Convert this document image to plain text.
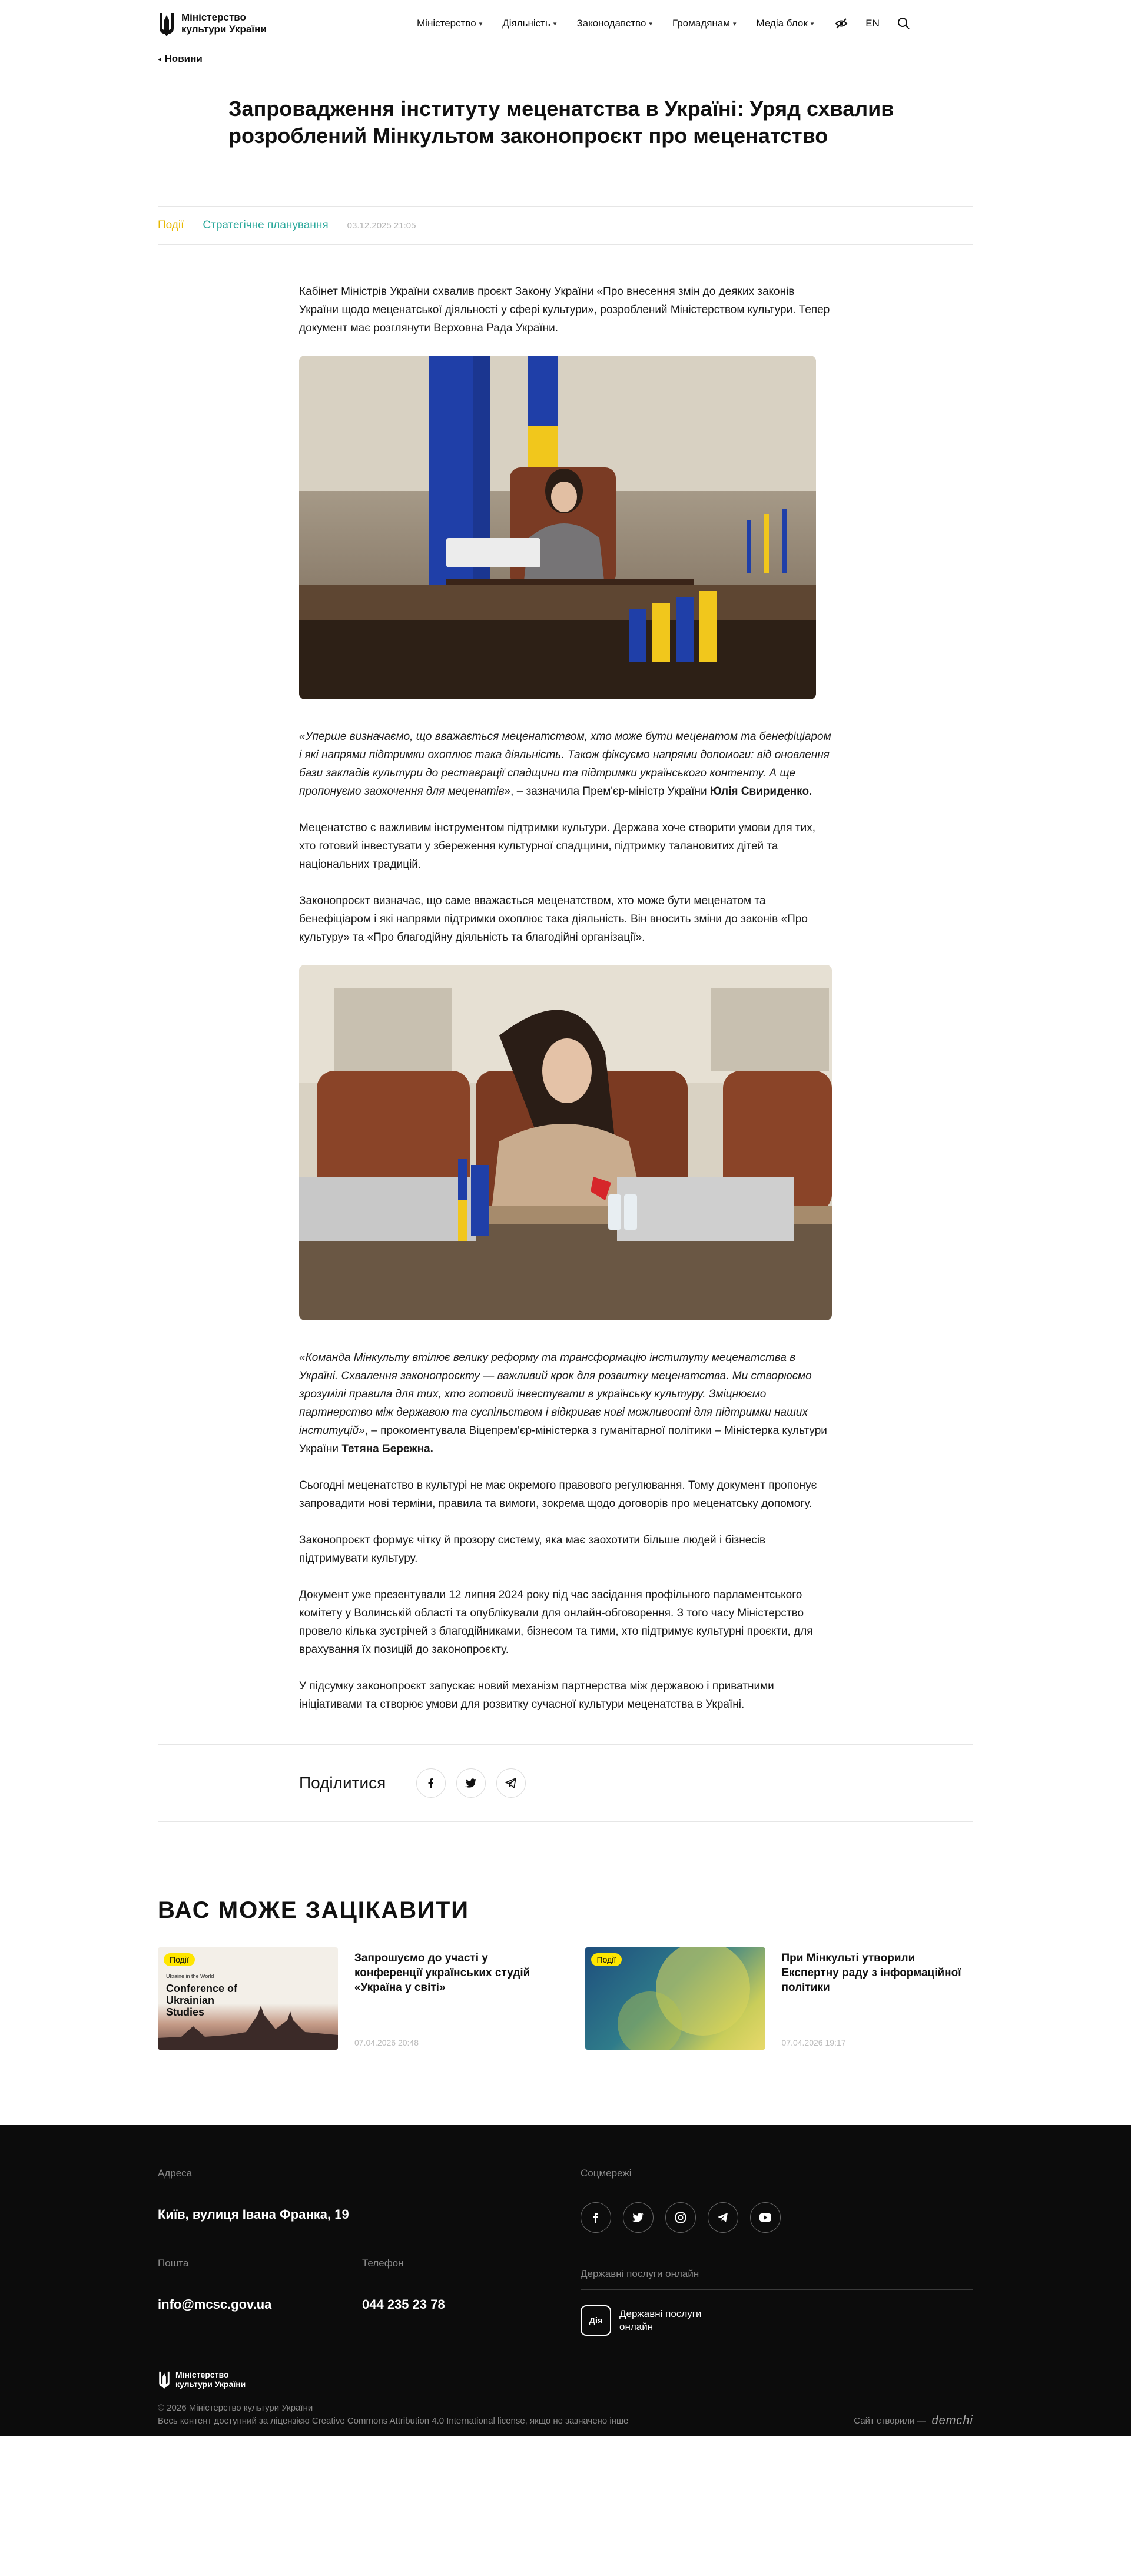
Міністерство культури України
Міністерство ▾ Діяльність ▾ Законодавство ▾ Громадянам ▾ Медіа блок ▾	EN
◂ Новини
Запровадження інституту меценатства в Україні: Уряд схвалив розроблений Мінкультом законопроєкт про меценатство
Події Стратегічне планування 03.12.2025 21:05

Кабінет Міністрів України схвалив проєкт Закону України «Про внесення змін до деяких законів України щодо меценатської діяльності у сфері культури», розроблений Міністерством культури. Тепер документ має розглянути Верховна Рада України.

«Уперше визначаємо, що вважається меценатством, хто може бути меценатом та бенефіціаром і які напрями підтримки охоплює така діяльність. Також фіксуємо напрями допомоги: від оновлення бази закладів культури до реставрації спадщини та підтримки українського контенту. А ще пропонуємо заохочення для меценатів», – зазначила Прем'єр-міністр України Юлія Свириденко.

Меценатство є важливим інструментом підтримки культури. Держава хоче створити умови для тих, хто готовий інвестувати у збереження культурної спадщини, підтримку талановитих дітей та національних традицій.

Законопроєкт визначає, що саме вважається меценатством, хто може бути меценатом та бенефіціаром і які напрями підтримки охоплює така діяльність. Він вносить зміни до законів «Про культуру» та «Про благодійну діяльність та благодійні організації».

«Команда Мінкульту втілює велику реформу та трансформацію інституту меценатства в Україні. Схвалення законопроєкту — важливий крок для розвитку меценатства. Ми створюємо зрозумілі правила для тих, хто готовий інвестувати в українську культуру. Зміцнюємо партнерство між державою та суспільством і відкриває нові можливості для підтримки наших інституцій», – прокоментувала Віцепрем'єр-міністерка з гуманітарної політики – Міністерка культури України Тетяна Бережна.

Сьогодні меценатство в культурі не має окремого правового регулювання. Тому документ пропонує запровадити нові терміни, правила та вимоги, зокрема щодо договорів про меценатську допомогу.

Законопроєкт формує чітку й прозору систему, яка має заохотити більше людей і бізнесів підтримувати культуру.

Документ уже презентували 12 липня 2024 року під час засідання профільного парламентського комітету у Волинській області та опублікували для онлайн-обговорення. З того часу Міністерство провело кілька зустрічей з благодійниками, бізнесом та тими, хто підтримує культурні проєкти, для врахування їх позицій до законопроєкту.

У підсумку законопроєкт запускає новий механізм партнерства між державою і приватними ініціативами та створює умови для розвитку сучасної культури меценатства в Україні.

Поділитися
ВАС МОЖЕ ЗАЦІКАВИТИ
Події
Ukraine in the World
Conference of Ukrainian Studies
Запрошуємо до участі у конференції українських студій «Україна у світі»
07.04.2026 20:48
Події	При Мінкульті утворили Експертну раду з інформаційної політики
07.04.2026 19:17
Адреса
Київ, вулиця Івана Франка, 19
Пошта
info@mcsc.gov.ua
Телефон
044 235 23 78
Соцмережі
Державні послуги онлайн
Дія
Державні послуги онлайн
Міністерство культури України
© 2026 Міністерство культури України
Весь контент доступний за ліцензією Creative Commons Attribution 4.0 International license, якщо не зазначено інше	Сайт створили — demchi
